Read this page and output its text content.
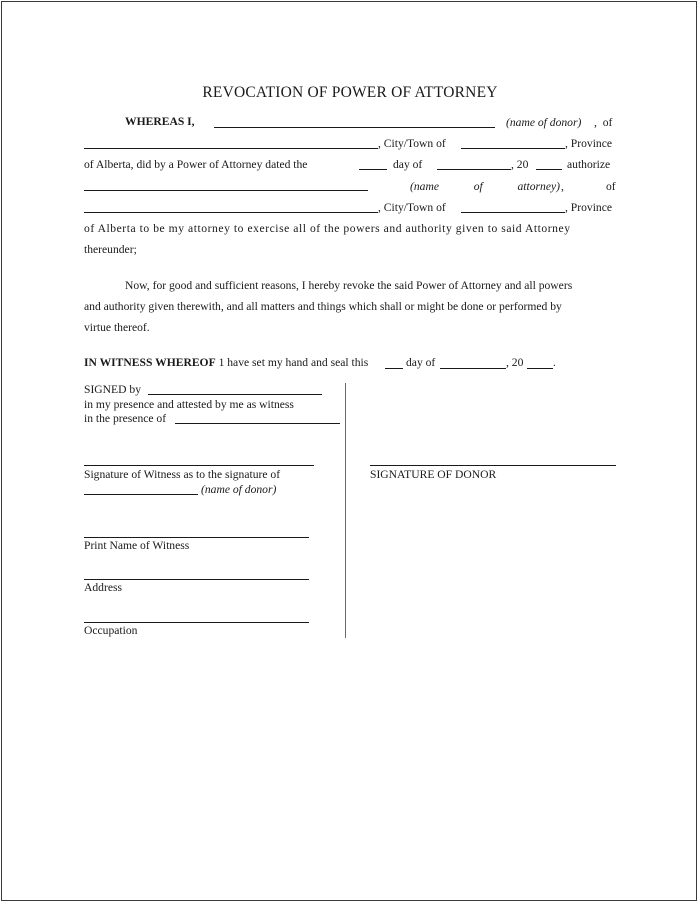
REVOCATION OF POWER OF ATTORNEY
WHEREAS I,	(name of donor) ,  of
, City/Town of	, Province
of Alberta, did by a Power of Attorney dated the	day of	, 20	authorize
(name	of	attorney) ,	of
, City/Town of	, Province
of Alberta to be my attorney to exercise all of the powers and authority given to said Attorney
thereunder;
Now, for good and sufficient reasons, I hereby revoke the said Power of Attorney and all powers
and authority given therewith, and all matters and things which shall or might be done or performed by
virtue thereof.
IN WITNESS WHEREOF 1 have set my hand and seal this	day of	, 20	.
SIGNED by
in my presence and attested by me as witness
in the presence of
Signature of Witness as to the signature of
(name of donor)
SIGNATURE OF DONOR
Print Name of Witness
Address
Occupation
